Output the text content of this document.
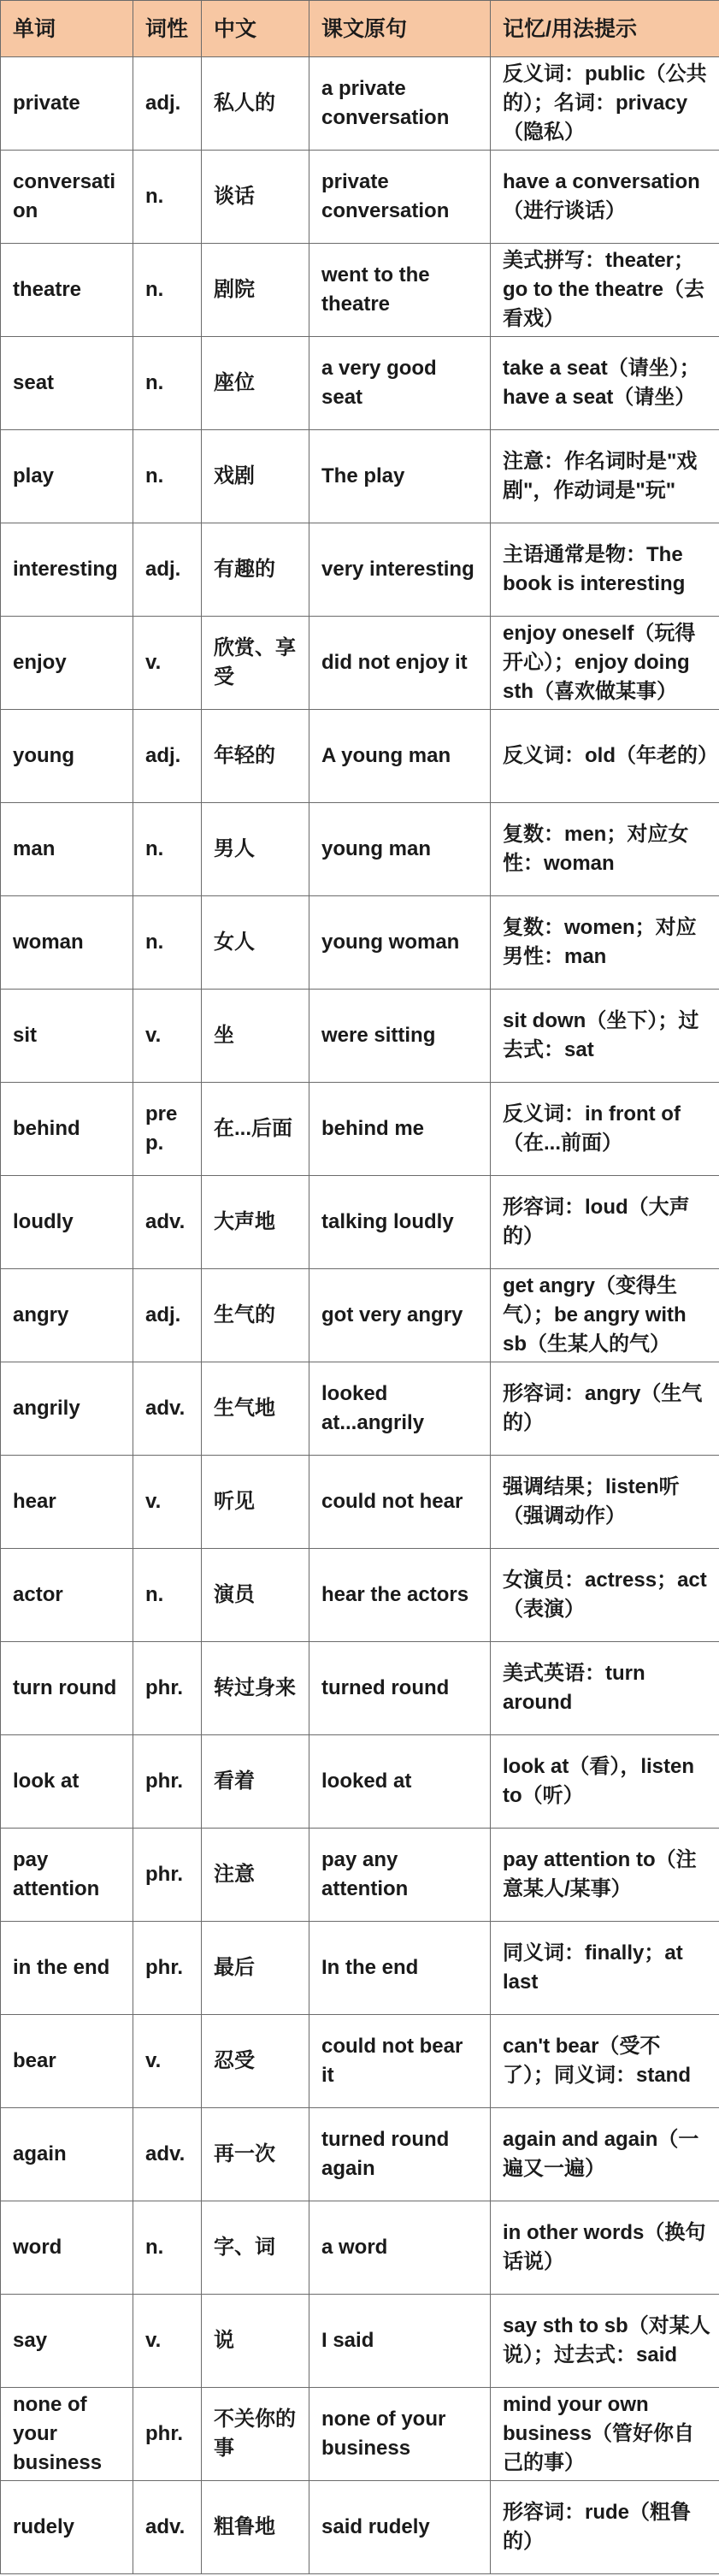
单词	词性	中文	课文原句	记忆/用法提示
private	adj.	私人的	a private conversation	反义词：public（公共的）；名词：privacy（隐私）
conversation	n.	谈话	private conversation	have a conversation（进行谈话）
theatre	n.	剧院	went to the theatre	美式拼写：theater；go to the theatre（去看戏）
seat	n.	座位	a very good seat	take a seat（请坐）；have a seat（请坐）
play	n.	戏剧	The play	注意：作名词时是"戏剧"，作动词是"玩"
interesting	adj.	有趣的	very interesting	主语通常是物：The book is interesting
enjoy	v.	欣赏、享受	did not enjoy it	enjoy oneself（玩得开心）；enjoy doing sth（喜欢做某事）
young	adj.	年轻的	A young man	反义词：old（年老的）
man	n.	男人	young man	复数：men；对应女性：woman
woman	n.	女人	young woman	复数：women；对应男性：man
sit	v.	坐	were sitting	sit down（坐下）；过去式：sat
behind	prep.	在...后面	behind me	反义词：in front of（在...前面）
loudly	adv.	大声地	talking loudly	形容词：loud（大声的）
angry	adj.	生气的	got very angry	get angry（变得生气）；be angry with sb（生某人的气）
angrily	adv.	生气地	looked at...angrily	形容词：angry（生气的）
hear	v.	听见	could not hear	强调结果；listen听（强调动作）
actor	n.	演员	hear the actors	女演员：actress；act（表演）
turn round	phr.	转过身来	turned round	美式英语：turn around
look at	phr.	看着	looked at	look at（看），listen to（听）
pay attention	phr.	注意	pay any attention	pay attention to（注意某人/某事）
in the end	phr.	最后	In the end	同义词：finally；at last
bear	v.	忍受	could not bear it	can't bear（受不了）；同义词：stand
again	adv.	再一次	turned round again	again and again（一遍又一遍）
word	n.	字、词	a word	in other words（换句话说）
say	v.	说	I said	say sth to sb（对某人说）；过去式：said
none of your business	phr.	不关你的事	none of your business	mind your own business（管好你自己的事）
rudely	adv.	粗鲁地	said rudely	形容词：rude（粗鲁的）
